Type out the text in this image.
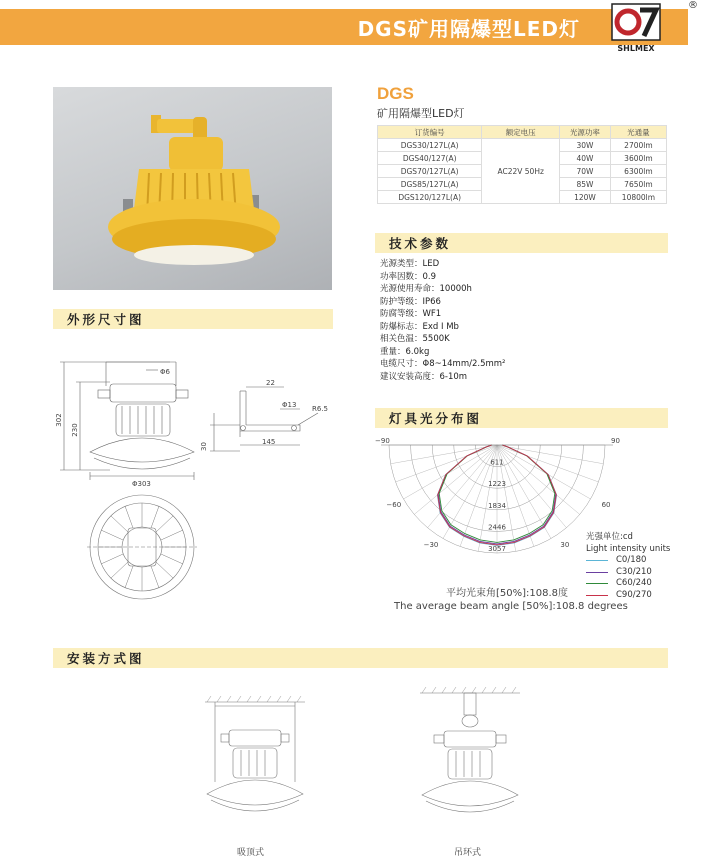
DGS矿用隔爆型LED灯
SHLMEX
®
DGS
矿用隔爆型LED灯
订货编号	额定电压	光源功率	光通量
DGS30/127L(A)	AC22V 50Hz	30W	2700lm
DGS40/127(A)		40W	3600lm
DGS70/127L(A)		70W	6300lm
DGS85/127L(A)		85W	7650lm
DGS120/127L(A)		120W	10800lm
技术参数
外形尺寸图
灯具光分布图
安装方式图
光源类型：LED
功率因数：0.9
光源使用寿命：10000h
防护等级：IP66
防腐等级：WF1
防爆标志：Exd I Mb
相关色温：5500K
重量：6.0kg
电缆尺寸：Φ8~14mm/2.5mm²
建议安装高度：6-10m
302
230
Φ6
Φ303
22
Φ13 R6.5
30
145	−90	90
−60	60
−30	30
611
1223
1834
2446
3057
光强单位:cd
Light intensity units
C0/180
C30/210
C60/240
C90/270
平均光束角[50%]:108.8度
The average beam angle [50%]:108.8 degrees
吸顶式	吊环式
